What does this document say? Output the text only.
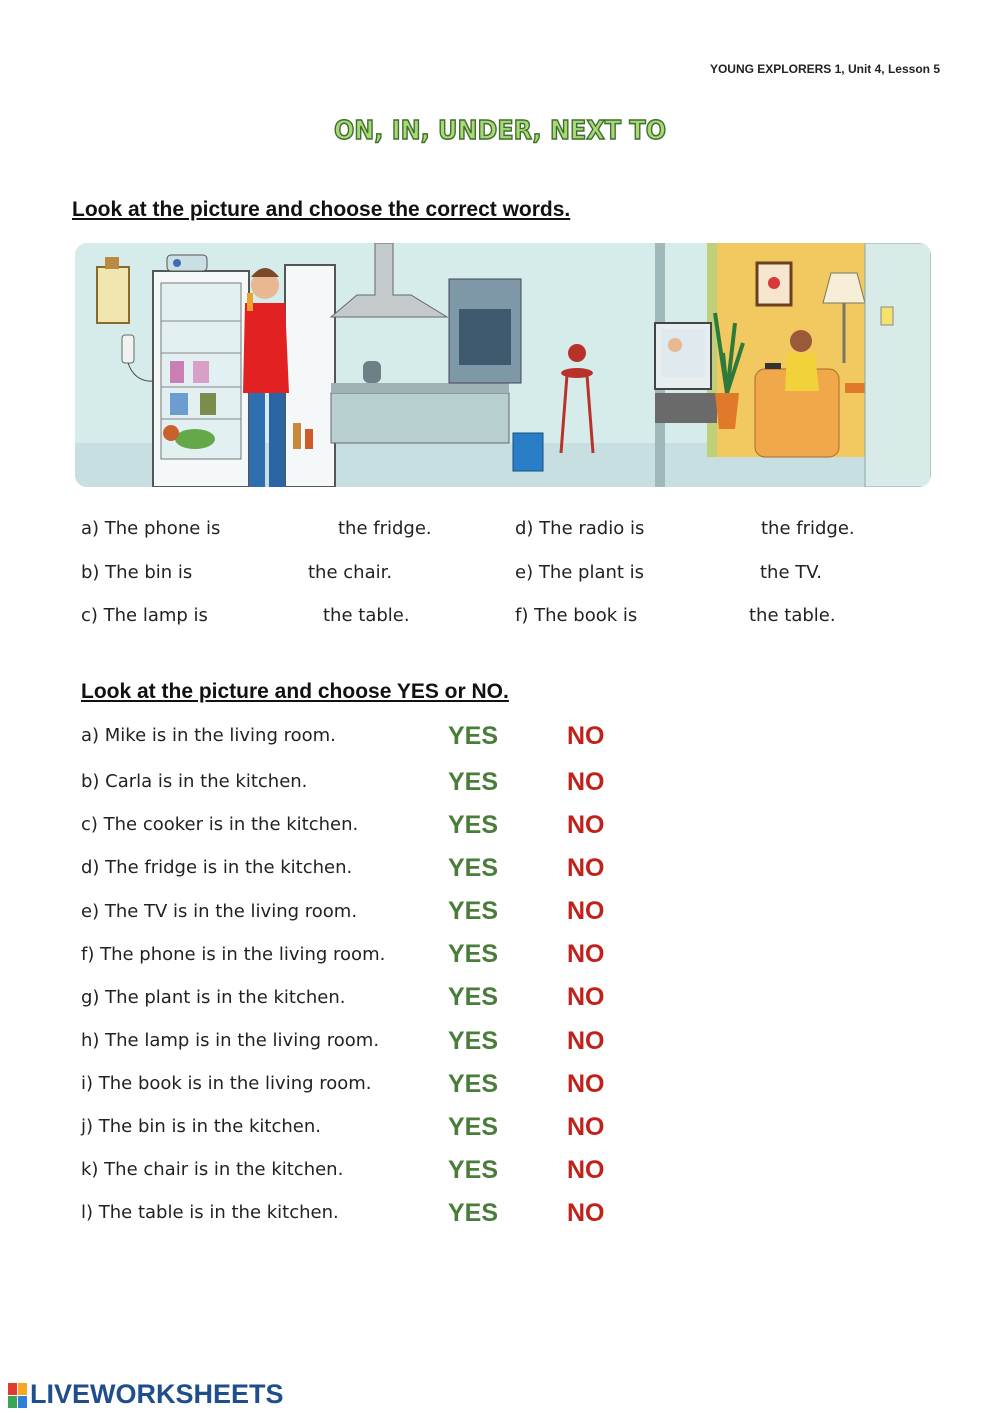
YOUNG EXPLORERS 1, Unit 4, Lesson 5
ON, IN, UNDER, NEXT TO
Look at the picture and choose the correct words.
a) The phone is	the fridge.
b) The bin is	the chair.
c) The lamp is	the table.
d) The radio is	the fridge.
e) The plant is	the TV.
f) The book is	the table.
Look at the picture and choose YES or NO.
a) Mike is in the living room.	YES	NO
b) Carla is in the kitchen.	YES	NO
c) The cooker is in the kitchen.	YES	NO
d) The fridge is in the kitchen.	YES	NO
e) The TV is in the living room.	YES	NO
f) The phone is in the living room.	YES	NO
g) The plant is in the kitchen.	YES	NO
h) The lamp is in the living room.	YES	NO
i) The book is in the living room.	YES	NO
j) The bin is in the kitchen.	YES	NO
k) The chair is in the kitchen.	YES	NO
l) The table is in the kitchen.	YES	NO
LIVEWORKSHEETS
